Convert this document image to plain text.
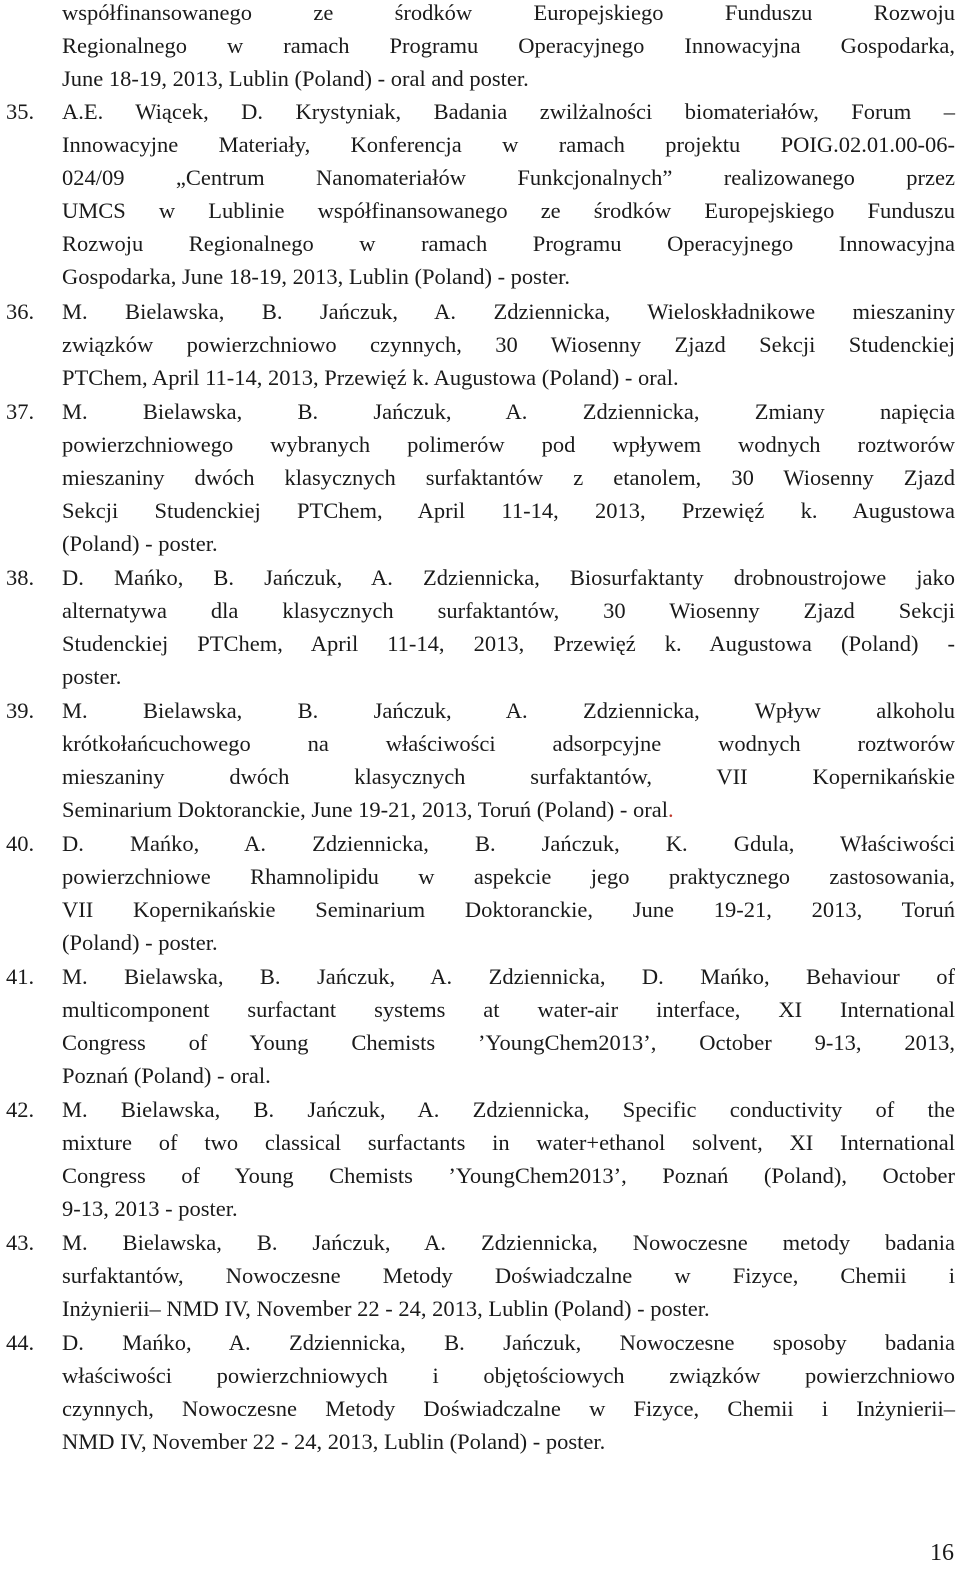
współfinansowanego ze środków Europejskiego Funduszu Rozwoju
Regionalnego w ramach Programu Operacyjnego Innowacyjna Gospodarka,
June 18-19, 2013, Lublin (Poland) - oral and poster.
35. A.E. Wiącek, D. Krystyniak, Badania zwilżalności biomateriałów, Forum –
Innowacyjne Materiały, Konferencja w ramach projektu POIG.02.01.00-06-
024/09 „Centrum Nanomateriałów Funkcjonalnych” realizowanego przez
UMCS w Lublinie współfinansowanego ze środków Europejskiego Funduszu
Rozwoju Regionalnego w ramach Programu Operacyjnego Innowacyjna
Gospodarka, June 18-19, 2013, Lublin (Poland) - poster.
36. M. Bielawska, B. Jańczuk, A. Zdziennicka, Wieloskładnikowe mieszaniny
związków powierzchniowo czynnych, 30 Wiosenny Zjazd Sekcji Studenckiej
PTChem, April 11-14, 2013, Przewięź k. Augustowa (Poland) - oral.
37. M. Bielawska, B. Jańczuk, A. Zdziennicka, Zmiany napięcia
powierzchniowego wybranych polimerów pod wpływem wodnych roztworów
mieszaniny dwóch klasycznych surfaktantów z etanolem, 30 Wiosenny Zjazd
Sekcji Studenckiej PTChem, April 11-14, 2013, Przewięź k. Augustowa
(Poland) - poster.
38. D. Mańko, B. Jańczuk, A. Zdziennicka, Biosurfaktanty drobnoustrojowe jako
alternatywa dla klasycznych surfaktantów, 30 Wiosenny Zjazd Sekcji
Studenckiej PTChem, April 11-14, 2013, Przewięź k. Augustowa (Poland) -
poster.
39. M. Bielawska, B. Jańczuk, A. Zdziennicka, Wpływ alkoholu
krótkołańcuchowego na właściwości adsorpcyjne wodnych roztworów
mieszaniny dwóch klasycznych surfaktantów, VII Kopernikańskie
Seminarium Doktoranckie, June 19-21, 2013, Toruń (Poland) - oral.
40. D. Mańko, A. Zdziennicka, B. Jańczuk, K. Gdula, Właściwości
powierzchniowe Rhamnolipidu w aspekcie jego praktycznego zastosowania,
VII Kopernikańskie Seminarium Doktoranckie, June 19-21, 2013, Toruń
(Poland) - poster.
41. M. Bielawska, B. Jańczuk, A. Zdziennicka, D. Mańko, Behaviour of
multicomponent surfactant systems at water-air interface, XI International
Congress of Young Chemists ’YoungChem2013’, October 9-13, 2013,
Poznań (Poland) - oral.
42. M. Bielawska, B. Jańczuk, A. Zdziennicka, Specific conductivity of the
mixture of two classical surfactants in water+ethanol solvent, XI International
Congress of Young Chemists ’YoungChem2013’, Poznań (Poland), October
9-13, 2013 - poster.
43. M. Bielawska, B. Jańczuk, A. Zdziennicka, Nowoczesne metody badania
surfaktantów, Nowoczesne Metody Doświadczalne w Fizyce, Chemii i
Inżynierii– NMD IV, November 22 - 24, 2013, Lublin (Poland) - poster.
44. D. Mańko, A. Zdziennicka, B. Jańczuk, Nowoczesne sposoby badania
właściwości powierzchniowych i objętościowych związków powierzchniowo
czynnych, Nowoczesne Metody Doświadczalne w Fizyce, Chemii i Inżynierii–
NMD IV, November 22 - 24, 2013, Lublin (Poland) - poster.
16
